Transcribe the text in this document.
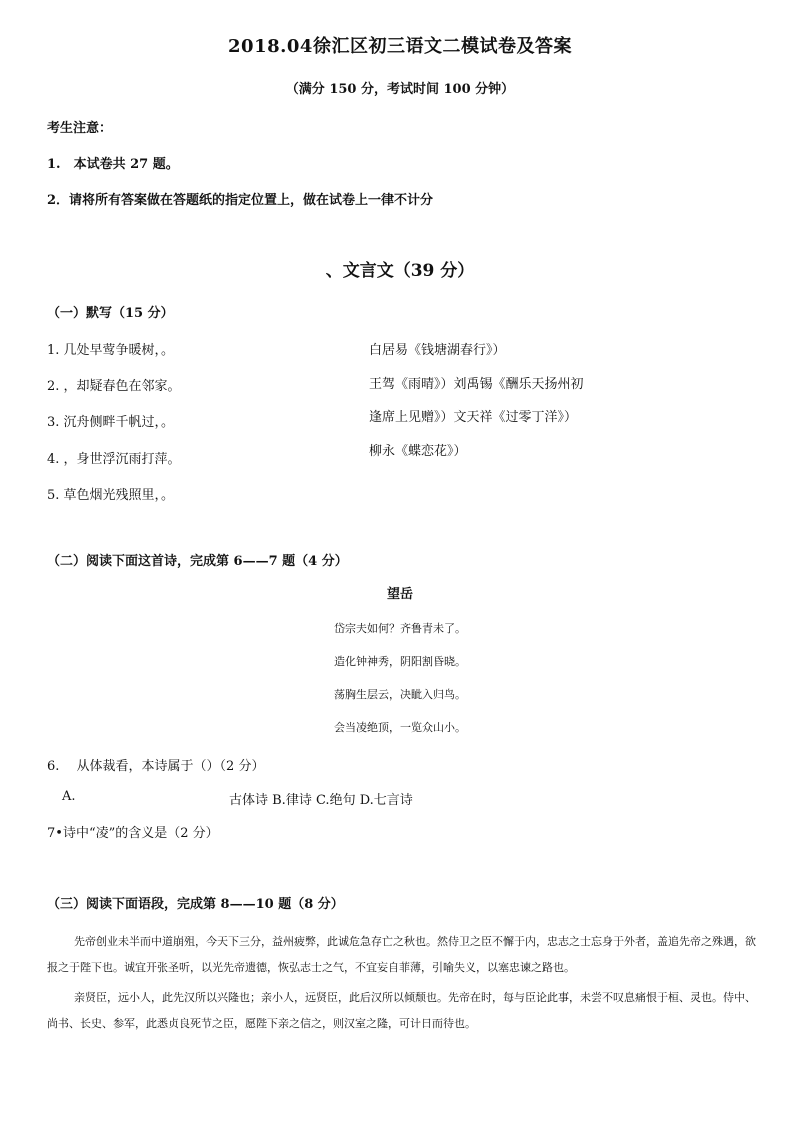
2018.04徐汇区初三语文二模试卷及答案
（满分 150 分，考试时间 100 分钟）
考生注意：
1.　本试卷共 27 题。
2．请将所有答案做在答题纸的指定位置上，做在试卷上一律不计分
、文言文（39 分）
（一）默写（15 分）
1. 几处早莺争暖树，。
2. ，却疑春色在邻家。
3. 沉舟侧畔千帆过，。
4. ，身世浮沉雨打萍。
5. 草色烟光残照里，。
白居易《钱塘湖春行》）
王驾《雨晴》）刘禹锡《酬乐天扬州初
逢席上见赠》）文天祥《过零丁洋》）
柳永《蝶恋花》）
（二）阅读下面这首诗，完成第 6——7 题（4 分）
望岳
岱宗夫如何？齐鲁青未了。
造化钟神秀，阴阳割昏晓。
荡胸生层云，决眦入归鸟。
会当凌绝顶，一览众山小。
6.　 从体裁看，本诗属于（）（2 分）
A.	古体诗 B.律诗 C.绝句 D.七言诗
7•诗中“凌”的含义是（2 分）
（三）阅读下面语段，完成第 8——10 题（8 分）
先帝创业未半而中道崩殂，今天下三分，益州疲弊，此诚危急存亡之秋也。然侍卫之臣不懈于内，忠志之士忘身于外者，盖追先帝之殊遇，欲报之于陛下也。诚宜开张圣听，以光先帝遗德，恢弘志士之气，不宜妄自菲薄，引喻失义，以塞忠谏之路也。
亲贤臣，远小人，此先汉所以兴隆也；亲小人，远贤臣，此后汉所以倾颓也。先帝在时，每与臣论此事，未尝不叹息痛恨于桓、灵也。侍中、尚书、长史、参军，此悉贞良死节之臣，愿陛下亲之信之，则汉室之隆，可计日而待也。
